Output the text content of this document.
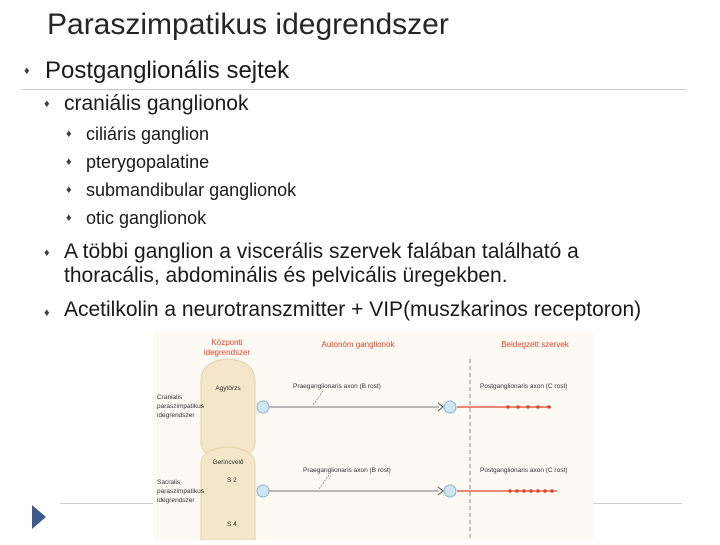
Paraszimpatikus idegrendszer
♦ Postganglionális sejtek
♦ craniális ganglionok
♦ ciliáris ganglion
♦ pterygopalatine
♦ submandibular ganglionok
♦ otic ganglionok
♦ A többi ganglion a viscerális szervek falában található a thoracális, abdominális és pelvicális üregekben.
♦ Acetilkolin a neurotranszmitter + VIP(muszkarinos receptoron)
Központi
idegrendszer
Autonóm ganglionok	Beidegzett szervek
Cranialis
paraszimpatikus
idegrendszer
Sacralis
paraszimpatikus
idegrendszer
Agytörzs
Gerincvelő
S 2
S 4
Praeganglionaris axon (B rost)	Postganglionaris axon (C rost)
Praeganglionaris axon (B rost)	Postganglionaris axon (C rost)
